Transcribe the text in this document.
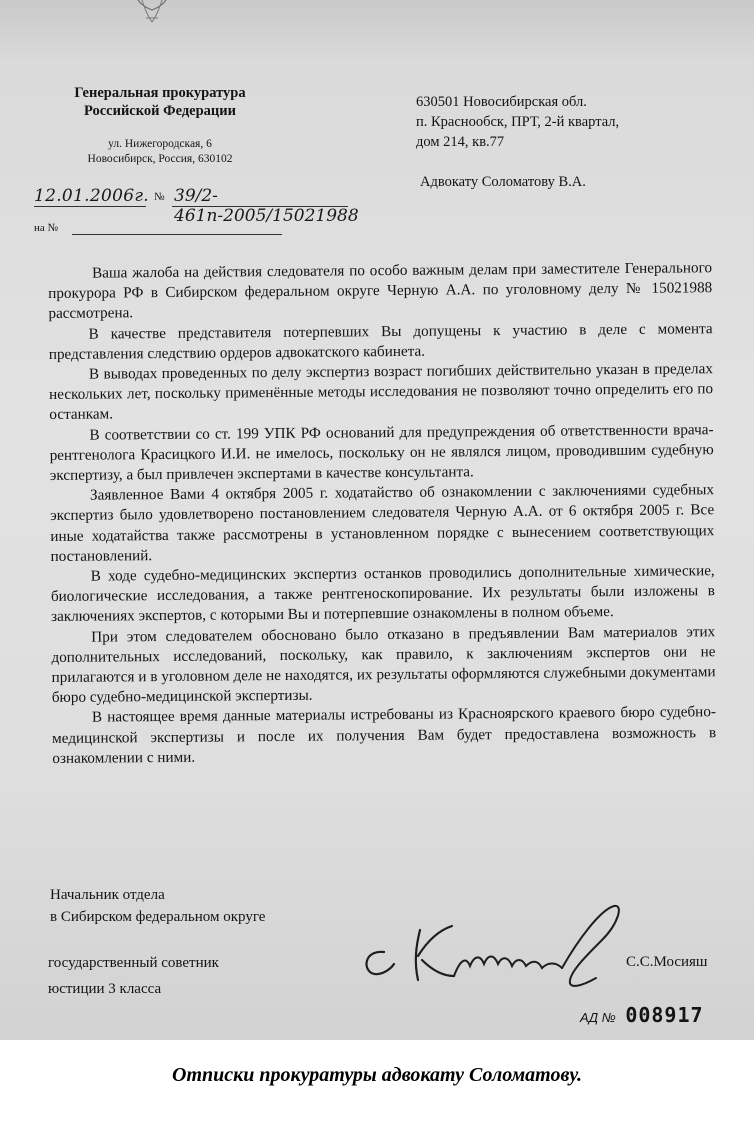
Генеральная прокуратура
Российской Федерации
ул. Нижегородская, 6
Новосибирск, Россия, 630102
12.01.2006г. № 39/2-461п-2005/15021988
на №
630501 Новосибирская обл.
п. Краснообск, ПРТ, 2-й квартал,
дом 214, кв.77
Адвокату Соломатову В.А.

Ваша жалоба на действия следователя по особо важным делам при заместителе Генерального прокурора РФ в Сибирском федеральном округе Черную А.А. по уголовному делу № 15021988 рассмотрена.

В качестве представителя потерпевших Вы допущены к участию в деле с момента представления следствию ордеров адвокатского кабинета.

В выводах проведенных по делу экспертиз возраст погибших действительно указан в пределах нескольких лет, поскольку применённые методы исследования не позволяют точно определить его по останкам.

В соответствии со ст. 199 УПК РФ оснований для предупреждения об ответственности врача-рентгенолога Красицкого И.И. не имелось, поскольку он не являлся лицом, проводившим судебную экспертизу, а был привлечен экспертами в качестве консультанта.

Заявленное Вами 4 октября 2005 г. ходатайство об ознакомлении с заключениями судебных экспертиз было удовлетворено постановлением следователя Черную А.А. от 6 октября 2005 г. Все иные ходатайства также рассмотрены в установленном порядке с вынесением соответствующих постановлений.

В ходе судебно-медицинских экспертиз останков проводились дополнительные химические, биологические исследования, а также рентгеноскопирование. Их результаты были изложены в заключениях экспертов, с которыми Вы и потерпевшие ознакомлены в полном объеме.

При этом следователем обосновано было отказано в предъявлении Вам материалов этих дополнительных исследований, поскольку, как правило, к заключениям экспертов они не прилагаются и в уголовном деле не находятся, их результаты оформляются служебными документами бюро судебно-медицинской экспертизы.

В настоящее время данные материалы истребованы из Красноярского краевого бюро судебно-медицинской экспертизы и после их получения Вам будет предоставлена возможность в ознакомлении с ними.

Начальник отдела
в Сибирском федеральном округе
государственный советник
юстиции 3 класса
С.С.Мосияш
АД № 008917
Отписки прокуратуры адвокату Соломатову.
